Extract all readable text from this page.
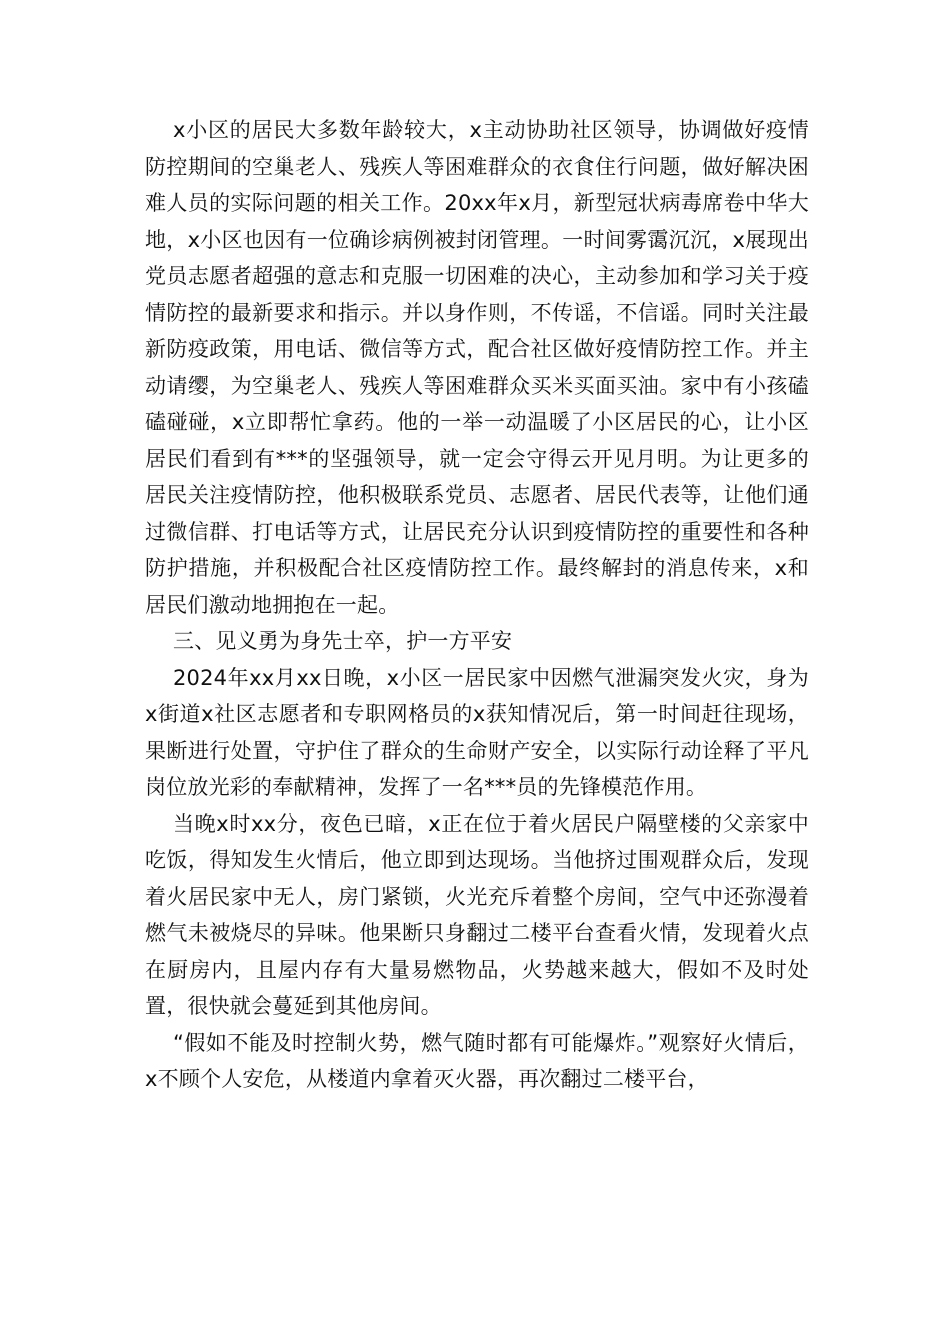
x小区的居民大多数年龄较大，x主动协助社区领导，协调做好疫情防控期间的空巢老人、残疾人等困难群众的衣食住行问题，做好解决困难人员的实际问题的相关工作。20xx年x月，新型冠状病毒席卷中华大地，x小区也因有一位确诊病例被封闭管理。一时间雾霭沉沉，x展现出党员志愿者超强的意志和克服一切困难的决心，主动参加和学习关于疫情防控的最新要求和指示。并以身作则，不传谣，不信谣。同时关注最新防疫政策，用电话、微信等方式，配合社区做好疫情防控工作。并主动请缨，为空巢老人、残疾人等困难群众买米买面买油。家中有小孩磕磕碰碰，x立即帮忙拿药。他的一举一动温暖了小区居民的心，让小区居民们看到有***的坚强领导，就一定会守得云开见月明。为让更多的居民关注疫情防控，他积极联系党员、志愿者、居民代表等，让他们通过微信群、打电话等方式，让居民充分认识到疫情防控的重要性和各种防护措施，并积极配合社区疫情防控工作。最终解封的消息传来，x和居民们激动地拥抱在一起。

三、见义勇为身先士卒，护一方平安

2024年xx月xx日晚，x小区一居民家中因燃气泄漏突发火灾，身为x街道x社区志愿者和专职网格员的x获知情况后，第一时间赶往现场，果断进行处置，守护住了群众的生命财产安全，以实际行动诠释了平凡岗位放光彩的奉献精神，发挥了一名***员的先锋模范作用。

当晚x时xx分，夜色已暗，x正在位于着火居民户隔壁楼的父亲家中吃饭，得知发生火情后，他立即到达现场。当他挤过围观群众后，发现着火居民家中无人，房门紧锁，火光充斥着整个房间，空气中还弥漫着燃气未被烧尽的异味。他果断只身翻过二楼平台查看火情，发现着火点在厨房内，且屋内存有大量易燃物品，火势越来越大，假如不及时处置，很快就会蔓延到其他房间。

“假如不能及时控制火势，燃气随时都有可能爆炸。”观察好火情后，x不顾个人安危，从楼道内拿着灭火器，再次翻过二楼平台，
